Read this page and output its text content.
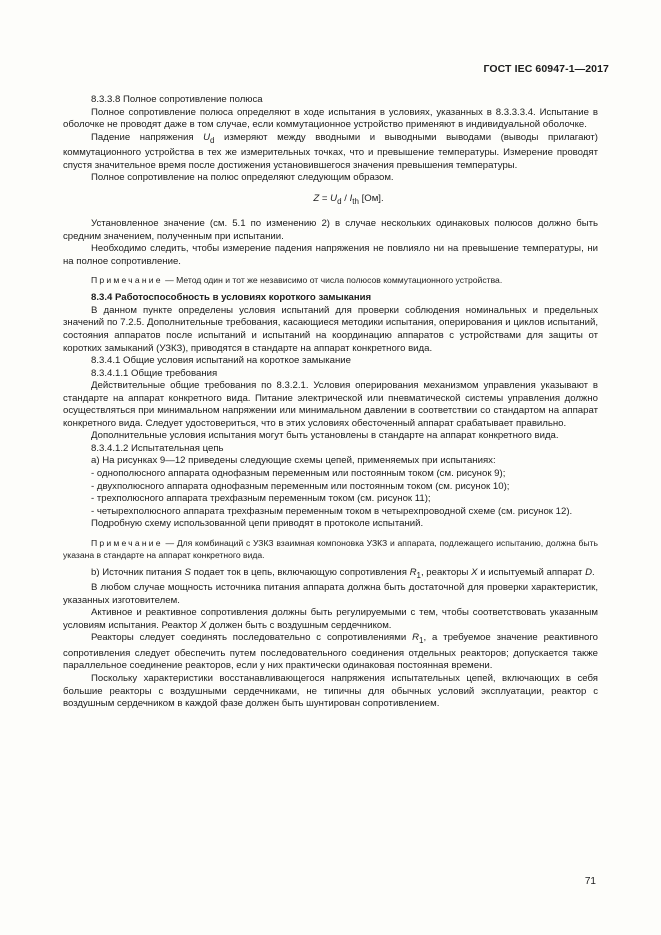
ГОСТ IEC 60947-1—2017

8.3.3.8 Полное сопротивление полюса

Полное сопротивление полюса определяют в ходе испытания в условиях, указанных в 8.3.3.3.4. Испытание в оболочке не проводят даже в том случае, если коммутационное устройство применяют в индивидуальной оболочке.

Падение напряжения $U_d$ измеряют между вводными и выводными выводами (выводы прилагают) коммутационного устройства в тех же измерительных точках, что и превышение температуры. Измерение проводят спустя значительное время после достижения установившегося значения превышения температуры.

Полное сопротивление на полюс определяют следующим образом.

$Z = U_d / I_{th}$ [Ом].

Установленное значение (см. 5.1 по изменению 2) в случае нескольких одинаковых полюсов должно быть средним значением, полученным при испытании.

Необходимо следить, чтобы измерение падения напряжения не повлияло ни на превышение температуры, ни на полное сопротивление.

Примечание — Метод один и тот же независимо от числа полюсов коммутационного устройства.

8.3.4 Работоспособность в условиях короткого замыкания

В данном пункте определены условия испытаний для проверки соблюдения номинальных и предельных значений по 7.2.5. Дополнительные требования, касающиеся методики испытания, оперирования и циклов испытаний, состояния аппаратов после испытаний и испытаний на координацию аппаратов с устройствами для защиты от коротких замыканий (УЗКЗ), приводятся в стандарте на аппарат конкретного вида.

8.3.4.1 Общие условия испытаний на короткое замыкание

8.3.4.1.1 Общие требования

Действительные общие требования по 8.3.2.1. Условия оперирования механизмом управления указывают в стандарте на аппарат конкретного вида. Питание электрической или пневматической системы управления должно осуществляться при минимальном напряжении или минимальном давлении в соответствии со стандартом на аппарат конкретного вида. Следует удостовериться, что в этих условиях обесточенный аппарат срабатывает правильно.

Дополнительные условия испытания могут быть установлены в стандарте на аппарат конкретного вида.

8.3.4.1.2 Испытательная цепь

а) На рисунках 9—12 приведены следующие схемы цепей, применяемых при испытаниях:

- однополюсного аппарата однофазным переменным или постоянным током (см. рисунок 9);

- двухполюсного аппарата однофазным переменным или постоянным током (см. рисунок 10);

- трехполюсного аппарата трехфазным переменным током (см. рисунок 11);

- четырехполюсного аппарата трехфазным переменным током в четырехпроводной схеме (см. рисунок 12).

Подробную схему использованной цепи приводят в протоколе испытаний.

Примечание — Для комбинаций с УЗКЗ взаимная компоновка УЗКЗ и аппарата, подлежащего испытанию, должна быть указана в стандарте на аппарат конкретного вида.

b) Источник питания S подает ток в цепь, включающую сопротивления $R_1$, реакторы X и испытуемый аппарат D.

В любом случае мощность источника питания аппарата должна быть достаточной для проверки характеристик, указанных изготовителем.

Активное и реактивное сопротивления должны быть регулируемыми с тем, чтобы соответствовать указанным условиям испытания. Реактор X должен быть с воздушным сердечником.

Реакторы следует соединять последовательно с сопротивлениями $R_1$, а требуемое значение реактивного сопротивления следует обеспечить путем последовательного соединения отдельных реакторов; допускается также параллельное соединение реакторов, если у них практически одинаковая постоянная времени.

Поскольку характеристики восстанавливающегося напряжения испытательных цепей, включающих в себя большие реакторы с воздушными сердечниками, не типичны для обычных условий эксплуатации, реактор с воздушным сердечником в каждой фазе должен быть шунтирован сопротивлением.

71
